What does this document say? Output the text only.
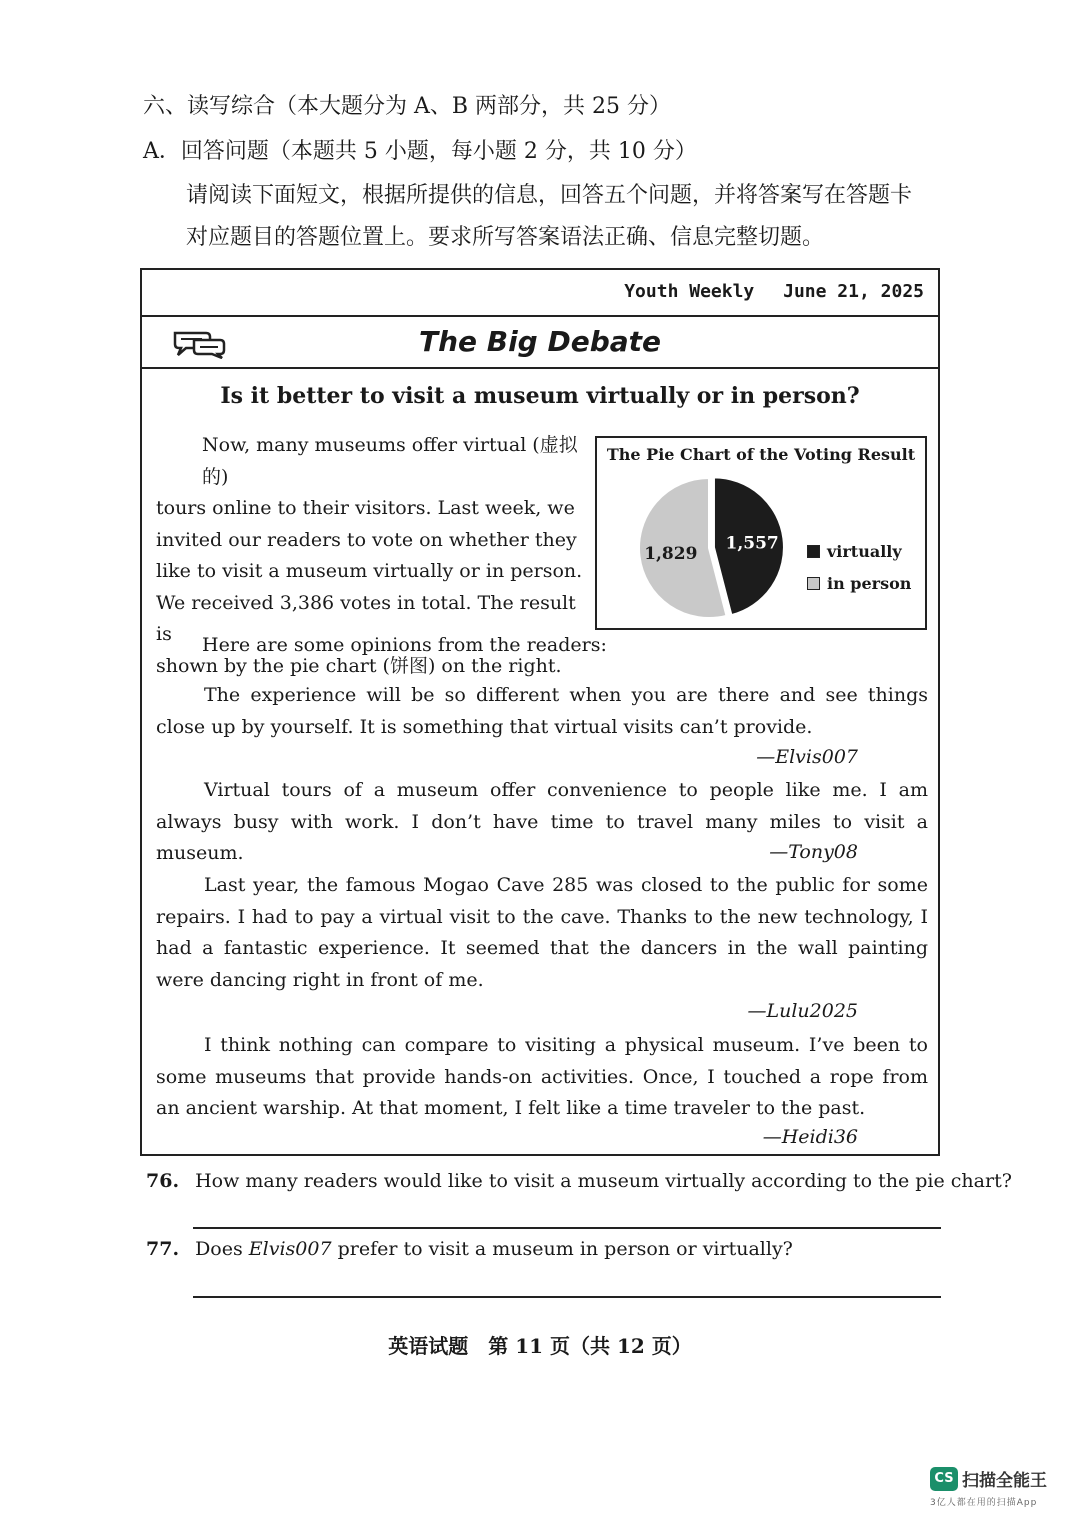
六、读写综合（本大题分为 A、B 两部分，共 25 分）
A．回答问题（本题共 5 小题，每小题 2 分，共 10 分）
请阅读下面短文，根据所提供的信息，回答五个问题，并将答案写在答题卡
对应题目的答题位置上。要求所写答案语法正确、信息完整切题。
Youth Weekly June 21, 2025
The Big Debate
Is it better to visit a museum virtually or in person?
Now, many museums offer virtual (虚拟的)
tours online to their visitors. Last week, we
invited our readers to vote on whether they
like to visit a museum virtually or in person.
We received 3,386 votes in total. The result is
shown by the pie chart (饼图) on the right.
The Pie Chart of the Voting Result
1,557
1,829	virtually
in person
Here are some opinions from the readers:
The experience will be so different when you are there and see things close up by yourself. It is something that virtual visits can’t provide.
—Elvis007
Virtual tours of a museum offer convenience to people like me. I am always busy with work. I don’t have time to travel many miles to visit a museum.	—Tony08
Last year, the famous Mogao Cave 285 was closed to the public for some repairs. I had to pay a virtual visit to the cave. Thanks to the new technology, I had a fantastic experience. It seemed that the dancers in the wall painting were dancing right in front of me.
—Lulu2025
I think nothing can compare to visiting a physical museum. I’ve been to some museums that provide hands-on activities. Once, I touched a rope from an ancient warship. At that moment, I felt like a time traveler to the past.
—Heidi36
76. How many readers would like to visit a museum virtually according to the pie chart?
77. Does Elvis007 prefer to visit a museum in person or virtually?
英语试题　第 11 页（共 12 页）
CS 扫描全能王
3亿人都在用的扫描App
